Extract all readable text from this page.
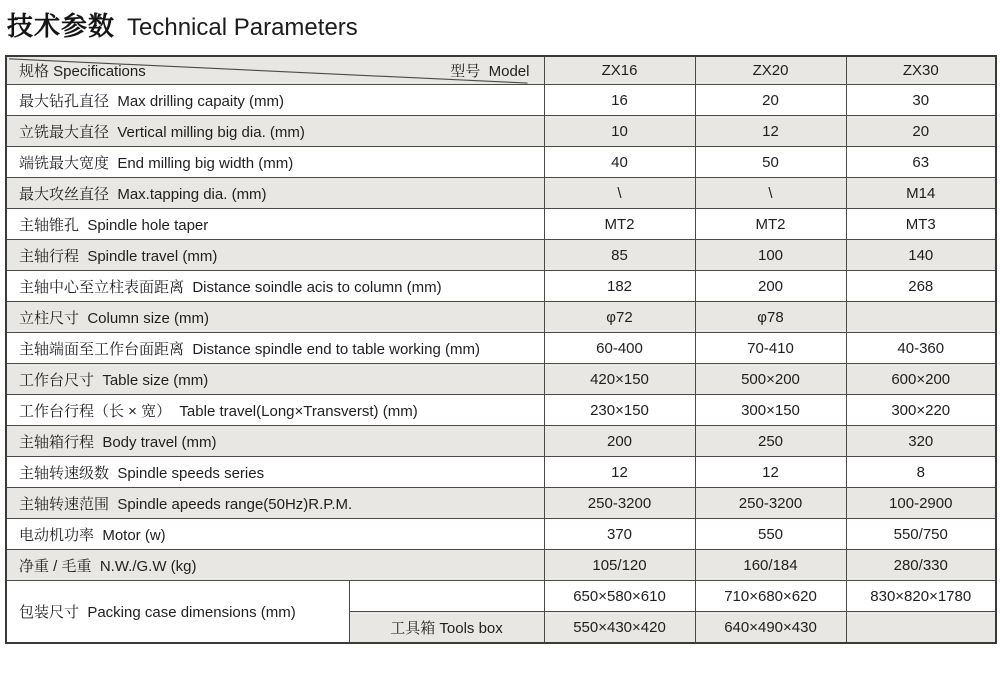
技术参数 Technical Parameters
规格 Specifications 型号  Model		ZX16	ZX20	ZX30
最大钻孔直径  Max drilling capaity (mm)		16	20	30
立铣最大直径  Vertical milling big dia. (mm)		10	12	20
端铣最大宽度  End milling big width (mm)		40	50	63
最大攻丝直径  Max.tapping dia. (mm)		\	\	M14
主轴锥孔  Spindle hole taper		MT2	MT2	MT3
主轴行程  Spindle travel (mm)		85	100	140
主轴中心至立柱表面距离  Distance soindle acis to column (mm)		182	200	268
立柱尺寸  Column size (mm)		φ72	φ78	
主轴端面至工作台面距离  Distance spindle end to table working (mm)		60-400	70-410	40-360
工作台尺寸  Table size (mm)		420×150	500×200	600×200
工作台行程（长 × 宽）  Table travel(Long×Transverst) (mm)		230×150	300×150	300×220
主轴箱行程  Body travel (mm)		200	250	320
主轴转速级数  Spindle speeds series		12	12	8
主轴转速范围  Spindle apeeds range(50Hz)R.P.M.		250-3200	250-3200	100-2900
电动机功率  Motor (w)		370	550	550/750
净重 / 毛重  N.W./G.W (kg)		105/120	160/184	280/330
包装尺寸  Packing case dimensions (mm)		650×580×610	710×680×620	830×820×1780
	工具箱 Tools box	550×430×420	640×490×430	
